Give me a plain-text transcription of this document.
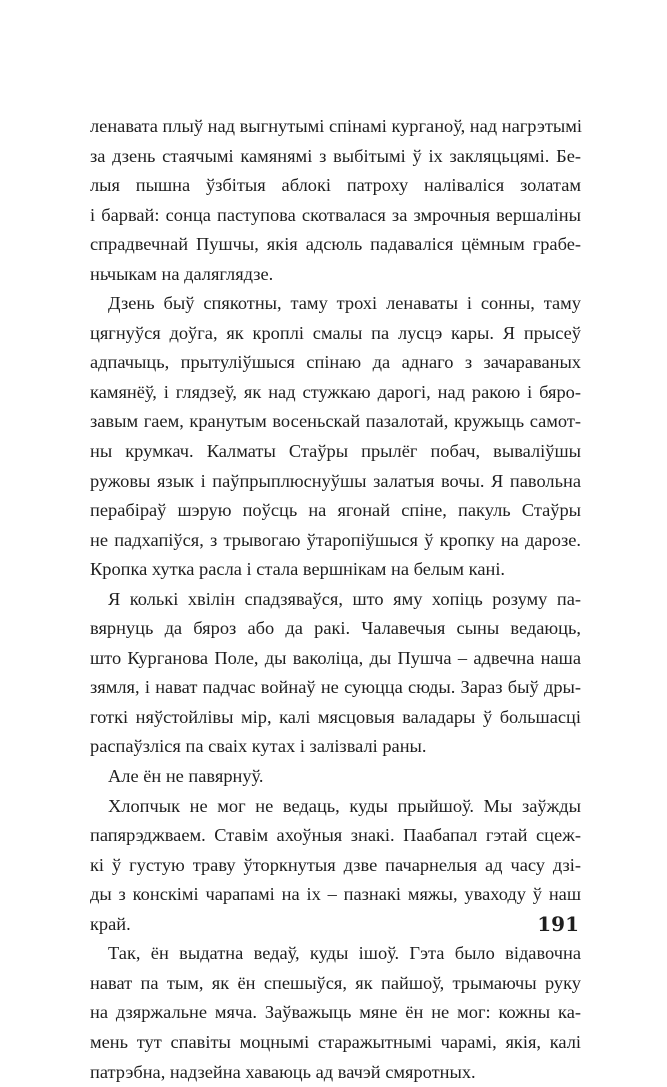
ленавата плыў над выгнутымі спінамі курганоў, над нагрэтымі
за дзень стаячымі камянямі з выбітымі ў іх закляцьцямі. Бе-
лыя пышна ўзбітыя аблокі патроху налiваліся золатам
і барвай: сонца паступова скотвалася за змрочныя вершаліны
спрадвечнай Пушчы, якія адсюль падаваліся цёмным грабе-
ньчыкам на даляглядзе.
Дзень быў спякотны, таму трохі ленаваты і сонны, таму
цягнуўся доўга, як кроплі смалы па лусцэ кары. Я прысеў
адпачыць, прытуліўшыся спінаю да аднаго з зачараваных
камянёў, і глядзеў, як над стужкаю дарогі, над ракою і бяро-
завым гаем, кранутым восеньскай пазалотай, кружыць самот-
ны крумкач. Калматы Стаўры прылёг побач, вываліўшы
ружовы язык і паўпрыплюснуўшы залатыя вочы. Я павольна
перабіраў шэрую поўсць на ягонай спіне, пакуль Стаўры
не падхапіўся, з трывогаю ўтаропіўшыся ў кропку на дарозе.
Кропка хутка расла і стала вершнікам на белым кані.
Я колькі хвілін спадзяваўся, што яму хопіць розуму па-
вярнуць да бяроз або да ракі. Чалавечыя сыны ведаюць,
што Курганова Поле, ды ваколіца, ды Пушча – адвечна наша
зямля, і нават падчас войнаў не суюцца сюды. Зараз быў дры-
готкі няўстойлівы мір, калі мясцовыя валадары ў большасці
распаўзліся па сваіх кутах і залізвалі раны.
Але ён не павярнуў.
Хлопчык не мог не ведаць, куды прыйшоў. Мы заўжды
папярэджваем. Ставім ахоўныя знакі. Паабапал гэтай сцеж-
кі ў густую траву ўторкнутыя дзве пачарнелыя ад часу дзі-
ды з конскімі чарапамі на іх – пазнакі мяжы, уваходу ў наш
край.
Так, ён выдатна ведаў, куды ішоў. Гэта было відавочна
нават па тым, як ён спешыўся, як пайшоў, трымаючы руку
на дзяржальне мяча. Заўважыць мяне ён не мог: кожны ка-
мень тут спавіты моцнымі старажытнымі чарамі, якія, калі
патрэбна, надзейна хаваюць ад вачэй смяротных.
191
